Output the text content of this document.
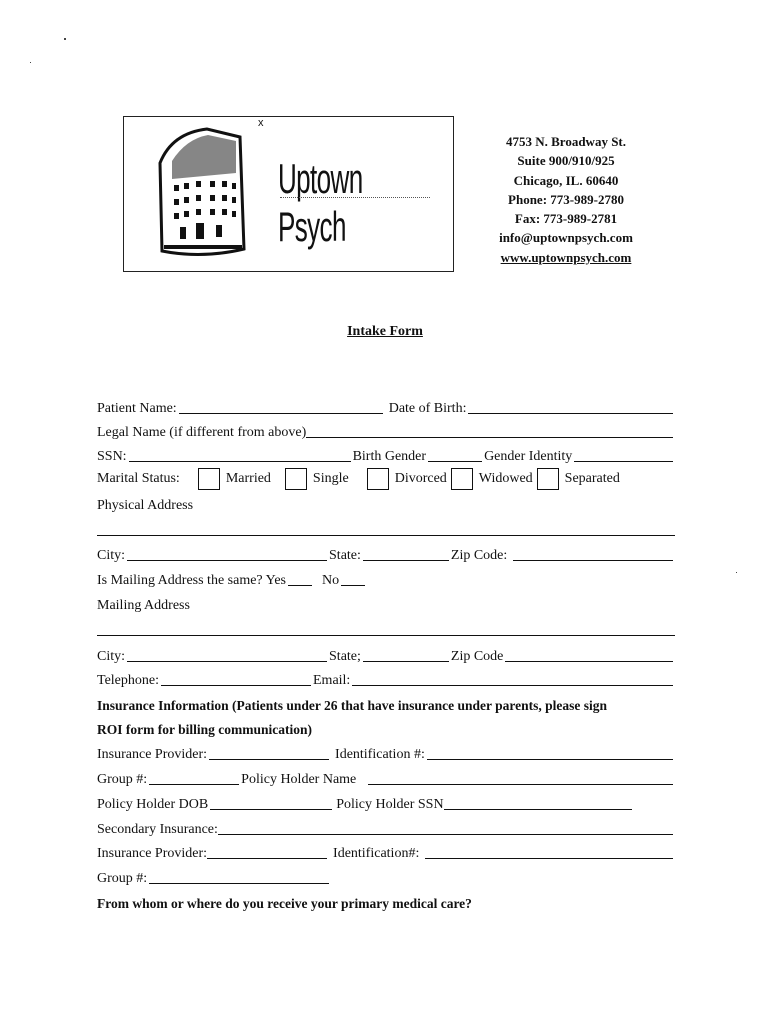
x
Uptown Psych
4753 N. Broadway St.
Suite 900/910/925
Chicago, IL. 60640
Phone: 773-989-2780
Fax: 773-989-2781
info@uptownpsych.com
www.uptownpsych.com
Intake Form
Patient Name:	Date of Birth:
Legal Name (if different from above)
SSN:	Birth Gender	Gender Identity
Marital Status:	Married	Single	Divorced Widowed Separated
Physical Address
City:	State:	Zip Code:
Is Mailing Address the same? Yes	No
Mailing Address
City:	State;	Zip Code
Telephone:	Email:
Insurance Information (Patients under 26 that have insurance under parents, please sign
ROI form for billing communication)
Insurance Provider:	Identification #:
Group #:	Policy Holder Name
Policy Holder DOB	Policy Holder SSN
Secondary Insurance:
Insurance Provider:	Identification#:
Group #:
From whom or where do you receive your primary medical care?
